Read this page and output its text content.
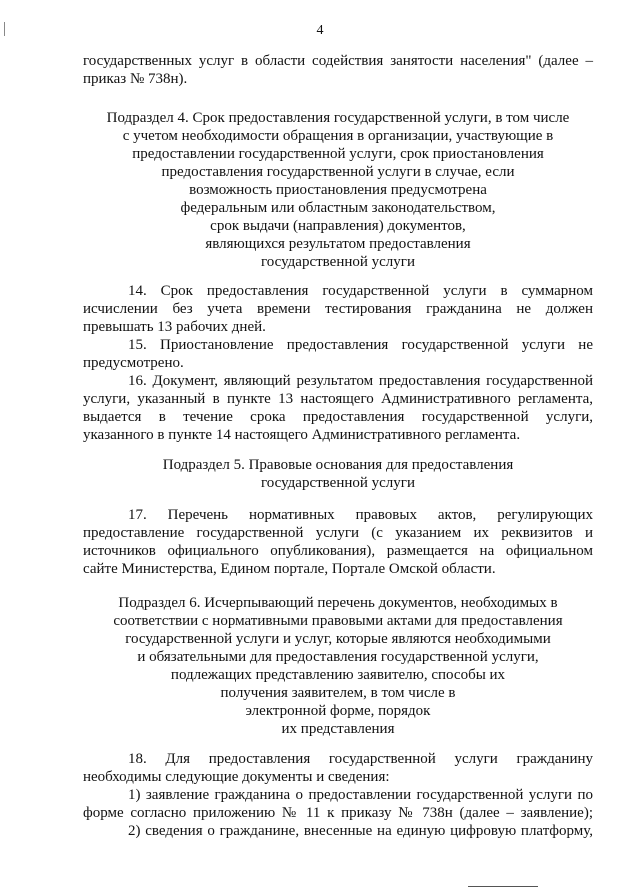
4
государственных услуг в области содействия занятости населения" (далее –
приказ № 738н).
Подраздел 4. Срок предоставления государственной услуги, в том числе
с учетом необходимости обращения в организации, участвующие в
предоставлении государственной услуги, срок приостановления
предоставления государственной услуги в случае, если
возможность приостановления предусмотрена
федеральным или областным законодательством,
срок выдачи (направления) документов,
являющихся результатом предоставления
государственной услуги
14. Срок предоставления государственной услуги в суммарном
исчислении без учета времени тестирования гражданина не должен
превышать 13 рабочих дней.
15. Приостановление предоставления государственной услуги не
предусмотрено.
16. Документ, являющий результатом предоставления государственной
услуги, указанный в пункте 13 настоящего Административного регламента,
выдается в течение срока предоставления государственной услуги,
указанного в пункте 14 настоящего Административного регламента.
Подраздел 5. Правовые основания для предоставления
государственной услуги
17. Перечень нормативных правовых актов, регулирующих
предоставление государственной услуги (с указанием их реквизитов и
источников официального опубликования), размещается на официальном
сайте Министерства, Едином портале, Портале Омской области.
Подраздел 6. Исчерпывающий перечень документов, необходимых в
соответствии с нормативными правовыми актами для предоставления
государственной услуги и услуг, которые являются необходимыми
и обязательными для предоставления государственной услуги,
подлежащих представлению заявителю, способы их
получения заявителем, в том числе в
электронной форме, порядок
их представления
18. Для предоставления государственной услуги гражданину
необходимы следующие документы и сведения:
1) заявление гражданина о предоставлении государственной услуги по
форме согласно приложению № 11 к приказу № 738н (далее – заявление);
2) сведения о гражданине, внесенные на единую цифровую платформу,
